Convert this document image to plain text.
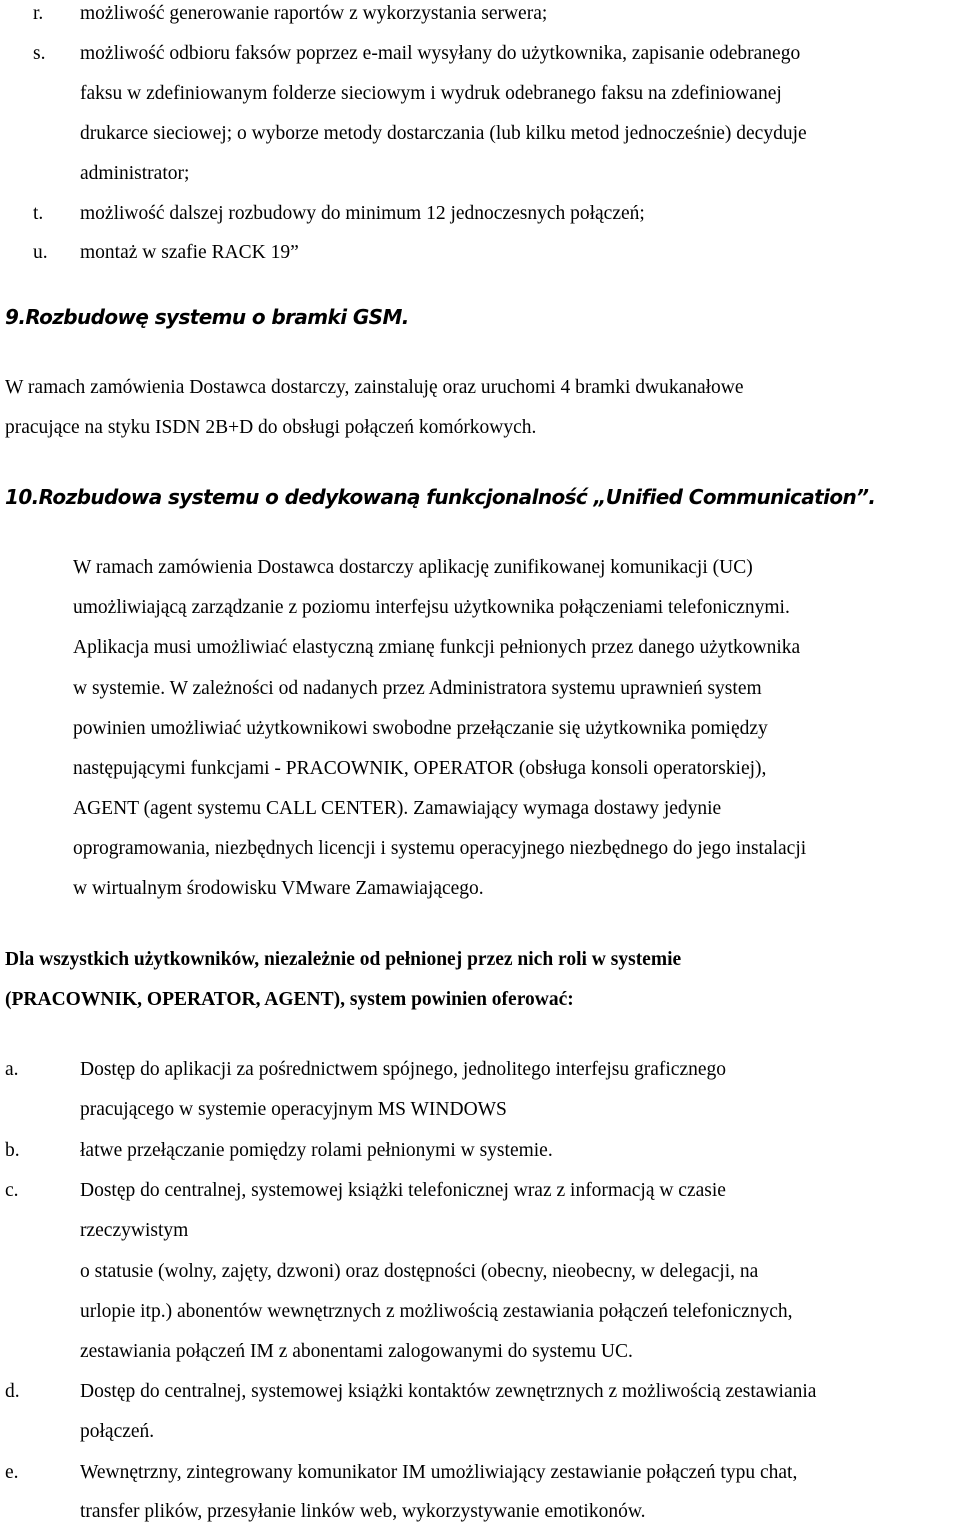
r. możliwość generowanie raportów z wykorzystania serwera;
s. możliwość odbioru faksów poprzez e-mail wysyłany do użytkownika, zapisanie odebranego
faksu w zdefiniowanym folderze sieciowym i wydruk odebranego faksu na zdefiniowanej
drukarce sieciowej; o wyborze metody dostarczania (lub kilku metod jednocześnie) decyduje
administrator;
t. możliwość dalszej rozbudowy do minimum 12 jednoczesnych połączeń;
u. montaż w szafie RACK 19”
9.Rozbudowę systemu o bramki GSM.
W ramach zamówienia Dostawca dostarczy, zainstaluję oraz uruchomi 4 bramki dwukanałowe
pracujące na styku ISDN 2B+D do obsługi połączeń komórkowych.
10.Rozbudowa systemu o dedykowaną funkcjonalność „Unified Communication”.
W ramach zamówienia Dostawca dostarczy aplikację zunifikowanej komunikacji (UC)
umożliwiającą zarządzanie z poziomu interfejsu użytkownika połączeniami telefonicznymi.
Aplikacja musi umożliwiać elastyczną zmianę funkcji pełnionych przez danego użytkownika
w systemie. W zależności od nadanych przez Administratora systemu uprawnień system
powinien umożliwiać użytkownikowi swobodne przełączanie się użytkownika pomiędzy
następującymi funkcjami - PRACOWNIK, OPERATOR (obsługa konsoli operatorskiej),
AGENT (agent systemu CALL CENTER). Zamawiający wymaga dostawy jedynie
oprogramowania, niezbędnych licencji i systemu operacyjnego niezbędnego do jego instalacji
w wirtualnym środowisku VMware Zamawiającego.
Dla wszystkich użytkowników, niezależnie od pełnionej przez nich roli w systemie
(PRACOWNIK, OPERATOR, AGENT), system powinien oferować:
a.	Dostęp do aplikacji za pośrednictwem spójnego, jednolitego interfejsu graficznego
pracującego w systemie operacyjnym MS WINDOWS
b.	łatwe przełączanie pomiędzy rolami pełnionymi w systemie.
c.	Dostęp do centralnej, systemowej książki telefonicznej wraz z informacją w czasie
rzeczywistym
o statusie (wolny, zajęty, dzwoni) oraz dostępności (obecny, nieobecny, w delegacji, na
urlopie itp.) abonentów wewnętrznych z możliwością zestawiania połączeń telefonicznych,
zestawiania połączeń IM z abonentami zalogowanymi do systemu UC.
d.	Dostęp do centralnej, systemowej książki kontaktów zewnętrznych z możliwością zestawiania
połączeń.
e.	Wewnętrzny, zintegrowany komunikator IM umożliwiający zestawianie połączeń typu chat,
transfer plików, przesyłanie linków web, wykorzystywanie emotikonów.
